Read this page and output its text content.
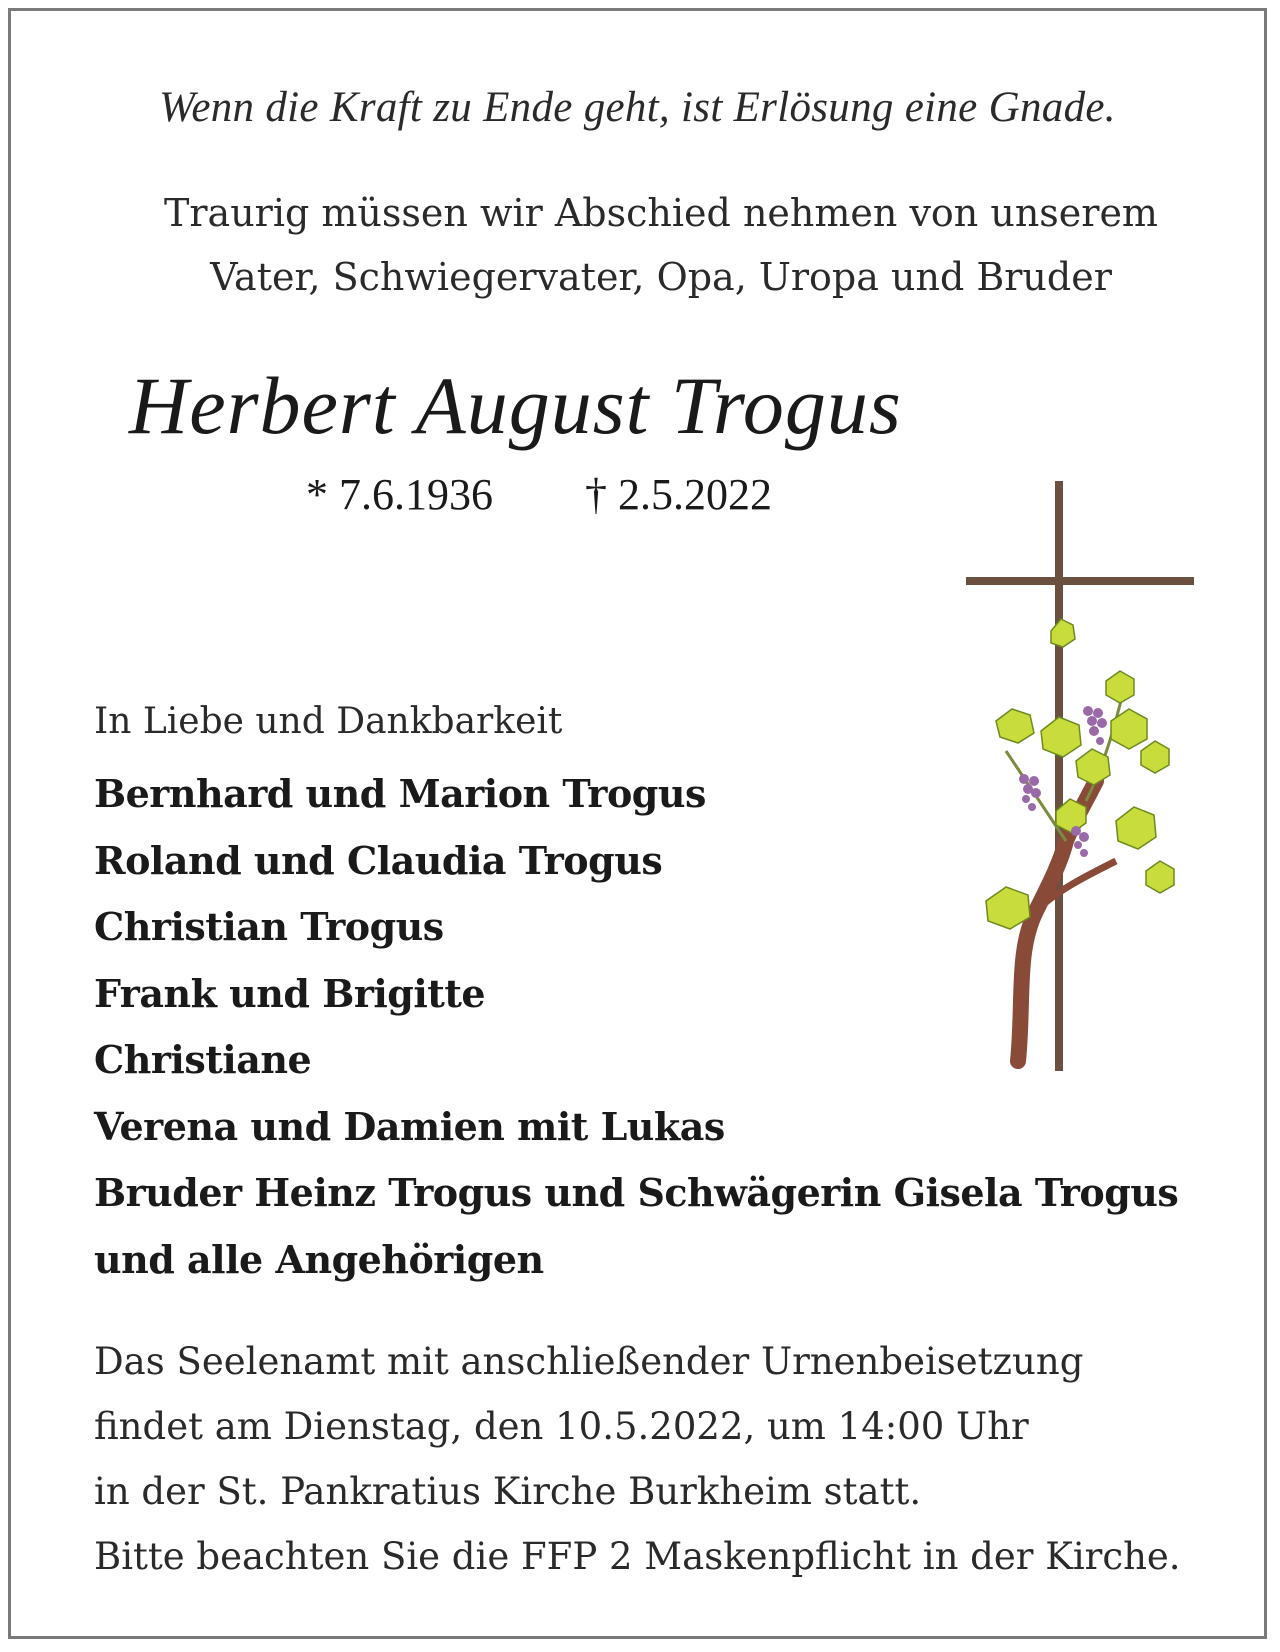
Wenn die Kraft zu Ende geht, ist Erlösung eine Gnade.
Traurig müssen wir Abschied nehmen von unserem
Vater, Schwiegervater, Opa, Uropa und Bruder
Herbert August Trogus
* 7.6.1936 † 2.5.2022
In Liebe und Dankbarkeit
Bernhard und Marion Trogus
Roland und Claudia Trogus
Christian Trogus
Frank und Brigitte
Christiane
Verena und Damien mit Lukas
Bruder Heinz Trogus und Schwägerin Gisela Trogus
und alle Angehörigen
Das Seelenamt mit anschließender Urnenbeisetzung
findet am Dienstag, den 10.5.2022, um 14:00 Uhr
in der St. Pankratius Kirche Burkheim statt.
Bitte beachten Sie die FFP 2 Maskenpflicht in der Kirche.
